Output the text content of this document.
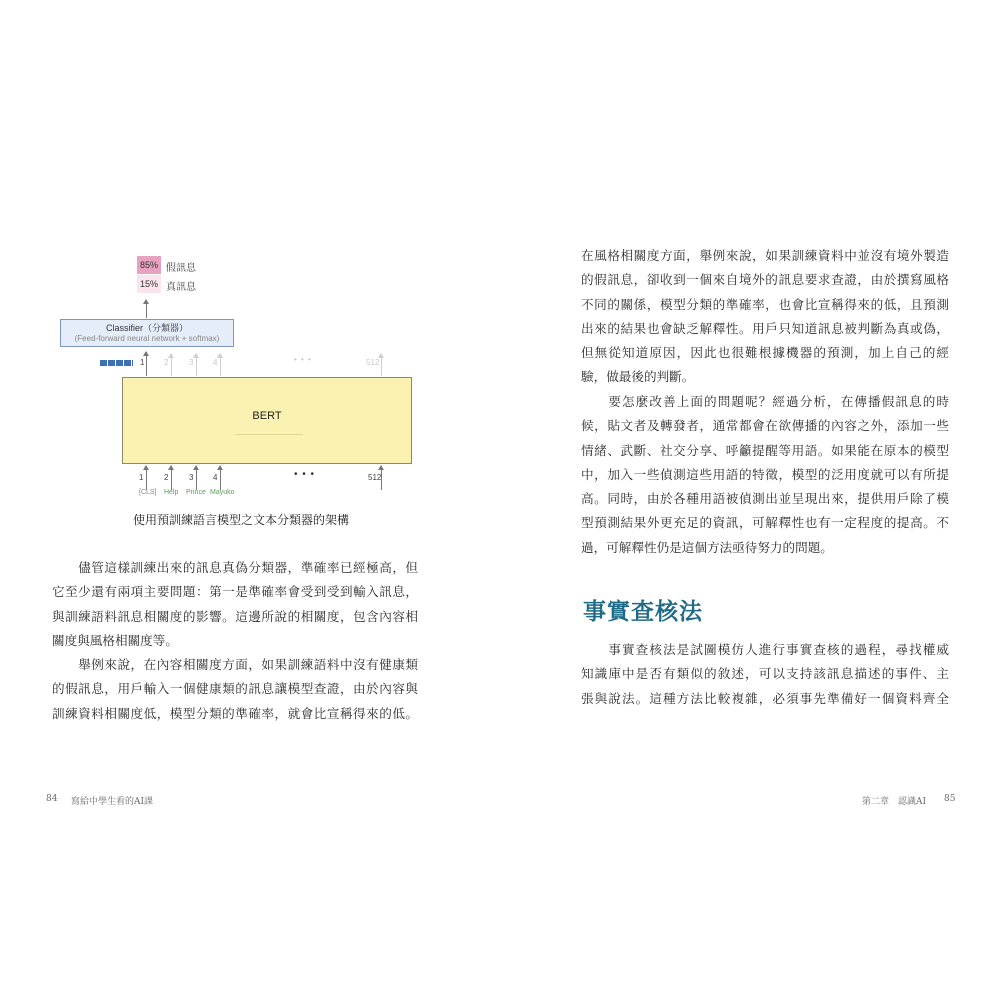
85% 假訊息
15% 真訊息
Classifier（分類器）
(Feed-forward neural network + softmax)
1 2	3 4	• • •	512
BERT
1	2	3 4	• • •	512
[CLS] Help Prince Mayuko
使用預訓練語言模型之文本分類器的架構
　　儘管這樣訓練出來的訊息真偽分類器，準確率已經極高，但
它至少還有兩項主要問題：第一是準確率會受到受到輸入訊息，
與訓練語料訊息相關度的影響。這邊所說的相關度，包含內容相
關度與風格相關度等。
　　舉例來說，在內容相關度方面，如果訓練語料中沒有健康類
的假訊息，用戶輸入一個健康類的訊息讓模型查證，由於內容與
訓練資料相關度低，模型分類的準確率，就會比宣稱得來的低。
在風格相關度方面，舉例來說，如果訓練資料中並沒有境外製造
的假訊息，卻收到一個來自境外的訊息要求查證，由於撰寫風格
不同的關係，模型分類的準確率，也會比宣稱得來的低，且預測
出來的結果也會缺乏解釋性。用戶只知道訊息被判斷為真或偽，
但無從知道原因，因此也很難根據機器的預測，加上自己的經
驗，做最後的判斷。
　　要怎麼改善上面的問題呢？經過分析，在傳播假訊息的時
候，貼文者及轉發者，通常都會在欲傳播的內容之外，添加一些
情緒、武斷、社交分享、呼籲提醒等用語。如果能在原本的模型
中，加入一些偵測這些用語的特徵，模型的泛用度就可以有所提
高。同時，由於各種用語被偵測出並呈現出來，提供用戶除了模
型預測結果外更充足的資訊，可解釋性也有一定程度的提高。不
過，可解釋性仍是這個方法亟待努力的問題。
事實查核法
　　事實查核法是試圖模仿人進行事實查核的過程，尋找權威
知識庫中是否有類似的敘述，可以支持該訊息描述的事件、主
張與說法。這種方法比較複雜，必須事先準備好一個資料齊全
84 寫給中學生看的AI課	第二章　認識AI 85
